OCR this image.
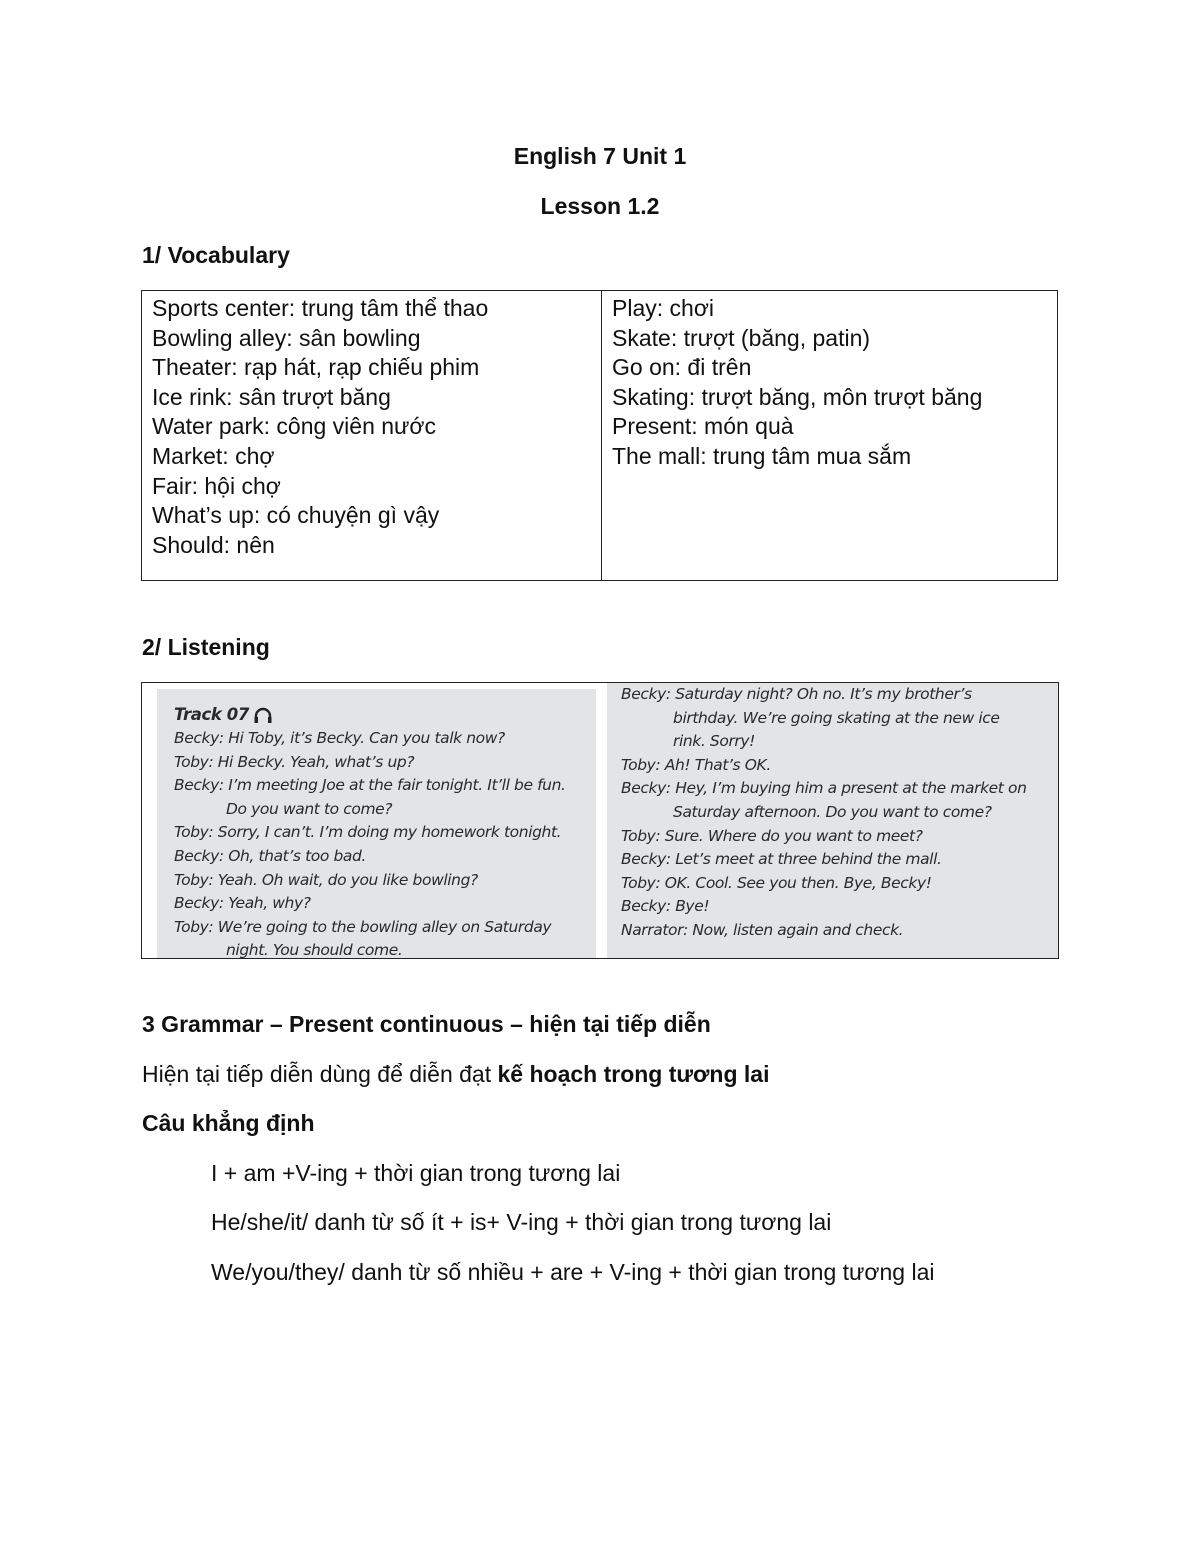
English 7 Unit 1
Lesson 1.2
1/ Vocabulary
Sports center: trung tâm thể thao
Bowling alley: sân bowling
Theater: rạp hát, rạp chiếu phim
Ice rink: sân trượt băng
Water park: công viên nước
Market: chợ
Fair: hội chợ
What’s up: có chuyện gì vậy
Should: nên
Play: chơi
Skate: trượt (băng, patin)
Go on: đi trên
Skating: trượt băng, môn trượt băng
Present: món quà
The mall: trung tâm mua sắm
2/ Listening
Track 07
Becky: Hi Toby, it’s Becky. Can you talk now?
Toby: Hi Becky. Yeah, what’s up?
Becky: I’m meeting Joe at the fair tonight. It’ll be fun.
Do you want to come?
Toby: Sorry, I can’t. I’m doing my homework tonight.
Becky: Oh, that’s too bad.
Toby: Yeah. Oh wait, do you like bowling?
Becky: Yeah, why?
Toby: We’re going to the bowling alley on Saturday
night. You should come.
Becky: Saturday night? Oh no. It’s my brother’s
birthday. We’re going skating at the new ice
rink. Sorry!
Toby: Ah! That’s OK.
Becky: Hey, I’m buying him a present at the market on
Saturday afternoon. Do you want to come?
Toby: Sure. Where do you want to meet?
Becky: Let’s meet at three behind the mall.
Toby: OK. Cool. See you then. Bye, Becky!
Becky: Bye!
Narrator: Now, listen again and check.
3 Grammar – Present continuous – hiện tại tiếp diễn
Hiện tại tiếp diễn dùng để diễn đạt kế hoạch trong tương lai
Câu khẳng định
I + am +V-ing + thời gian trong tương lai
He/she/it/ danh từ số ít + is+ V-ing + thời gian trong tương lai
We/you/they/ danh từ số nhiều + are + V-ing + thời gian trong tương lai
